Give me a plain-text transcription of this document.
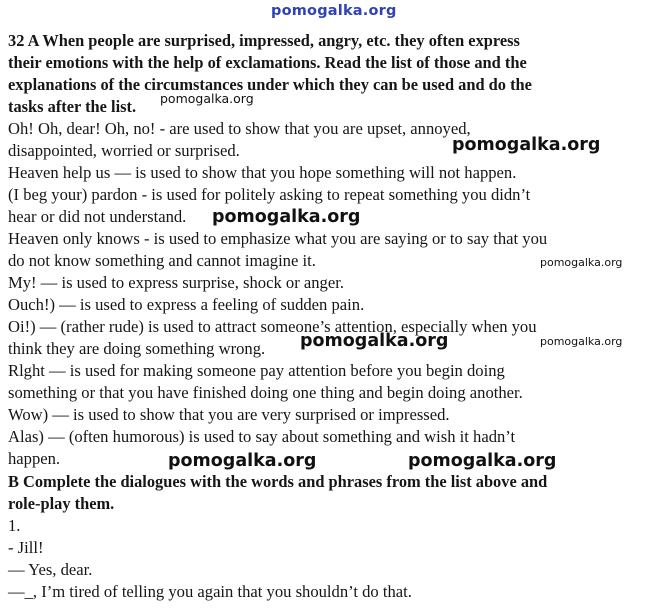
32 A When people are surprised, impressed, angry, etc. they often express
their emotions with the help of exclamations. Read the list of those and the
explanations of the circumstances under which they can be used and do the
tasks after the list.
Oh! Oh, dear! Oh, no! - are used to show that you are upset, annoyed,
disappointed, worried or surprised.
Heaven help us — is used to show that you hope something will not happen.
(I beg your) pardon - is used for politely asking to repeat something you didn’t
hear or did not understand.
Heaven only knows - is used to emphasize what you are saying or to say that you
do not know something and cannot imagine it.
My! — is used to express surprise, shock or anger.
Ouch!) — is used to express a feeling of sudden pain.
Oi!) — (rather rude) is used to attract someone’s attention, especially when you
think they are doing something wrong.
Rlght — is used for making someone pay attention before you begin doing
something or that you have finished doing one thing and begin doing another.
Wow) — is used to show that you are very surprised or impressed.
Alas) — (often humorous) is used to say about something and wish it hadn’t
happen.
B Complete the dialogues with the words and phrases from the list above and
role-play them.
1.
- Jill!
— Yes, dear.
—_, I’m tired of telling you again that you shouldn’t do that.
pomogalka.org
pomogalka.org
pomogalka.org
pomogalka.org
pomogalka.org
pomogalka.org	pomogalka.org
pomogalka.org	pomogalka.org
